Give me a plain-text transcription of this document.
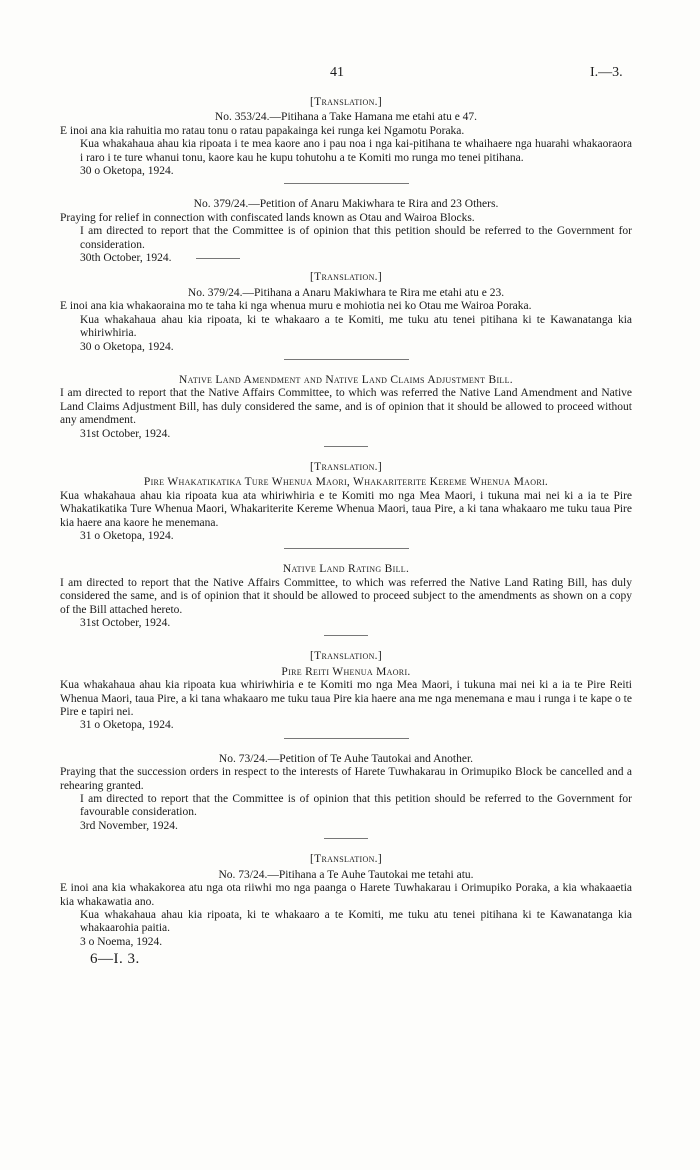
41	I.—3.
[Translation.]
No. 353/24.—Pitihana a Take Hamana me etahi atu e 47.

E inoi ana kia rahuitia mo ratau tonu o ratau papakainga kei runga kei Ngamotu Poraka.

Kua whakahaua ahau kia ripoata i te mea kaore ano i pau noa i nga kai-pitihana te whaihaere nga huarahi whakaoraora i raro i te ture whanui tonu, kaore kau he kupu tohutohu a te Komiti mo runga mo tenei pitihana.

30 o Oketopa, 1924.

No. 379/24.—Petition of Anaru Makiwhara te Rira and 23 Others.

Praying for relief in connection with confiscated lands known as Otau and Wairoa Blocks.

I am directed to report that the Committee is of opinion that this petition should be referred to the Government for consideration.

30th October, 1924.

[Translation.]
No. 379/24.—Pitihana a Anaru Makiwhara te Rira me etahi atu e 23.

E inoi ana kia whakaoraina mo te taha ki nga whenua muru e mohiotia nei ko Otau me Wairoa Poraka.

Kua whakahaua ahau kia ripoata, ki te whakaaro a te Komiti, me tuku atu tenei pitihana ki te Kawanatanga kia whiriwhiria.

30 o Oketopa, 1924.

Native Land Amendment and Native Land Claims Adjustment Bill.

I am directed to report that the Native Affairs Committee, to which was referred the Native Land Amendment and Native Land Claims Adjustment Bill, has duly considered the same, and is of opinion that it should be allowed to proceed without any amendment.

31st October, 1924.

[Translation.]
Pire Whakatikatika Ture Whenua Maori, Whakariterite Kereme Whenua Maori.

Kua whakahaua ahau kia ripoata kua ata whiriwhiria e te Komiti mo nga Mea Maori, i tukuna mai nei ki a ia te Pire Whakatikatika Ture Whenua Maori, Whakariterite Kereme Whenua Maori, taua Pire, a ki tana whakaaro me tuku taua Pire kia haere ana kaore he menemana.

31 o Oketopa, 1924.

Native Land Rating Bill.

I am directed to report that the Native Affairs Committee, to which was referred the Native Land Rating Bill, has duly considered the same, and is of opinion that it should be allowed to proceed subject to the amendments as shown on a copy of the Bill attached hereto.

31st October, 1924.

[Translation.]
Pire Reiti Whenua Maori.

Kua whakahaua ahau kia ripoata kua whiriwhiria e te Komiti mo nga Mea Maori, i tukuna mai nei ki a ia te Pire Reiti Whenua Maori, taua Pire, a ki tana whakaaro me tuku taua Pire kia haere ana me nga menemana e mau i runga i te kape o te Pire e tapiri nei.

31 o Oketopa, 1924.

No. 73/24.—Petition of Te Auhe Tautokai and Another.

Praying that the succession orders in respect to the interests of Harete Tuwhakarau in Orimupiko Block be cancelled and a rehearing granted.

I am directed to report that the Committee is of opinion that this petition should be referred to the Government for favourable consideration.

3rd November, 1924.

[Translation.]
No. 73/24.—Pitihana a Te Auhe Tautokai me tetahi atu.

E inoi ana kia whakakorea atu nga ota riiwhi mo nga paanga o Harete Tuwhakarau i Orimupiko Poraka, a kia whakaaetia kia whakawatia ano.

Kua whakahaua ahau kia ripoata, ki te whakaaro a te Komiti, me tuku atu tenei pitihana ki te Kawanatanga kia whakaarohia paitia.

3 o Noema, 1924.

6—I. 3.
